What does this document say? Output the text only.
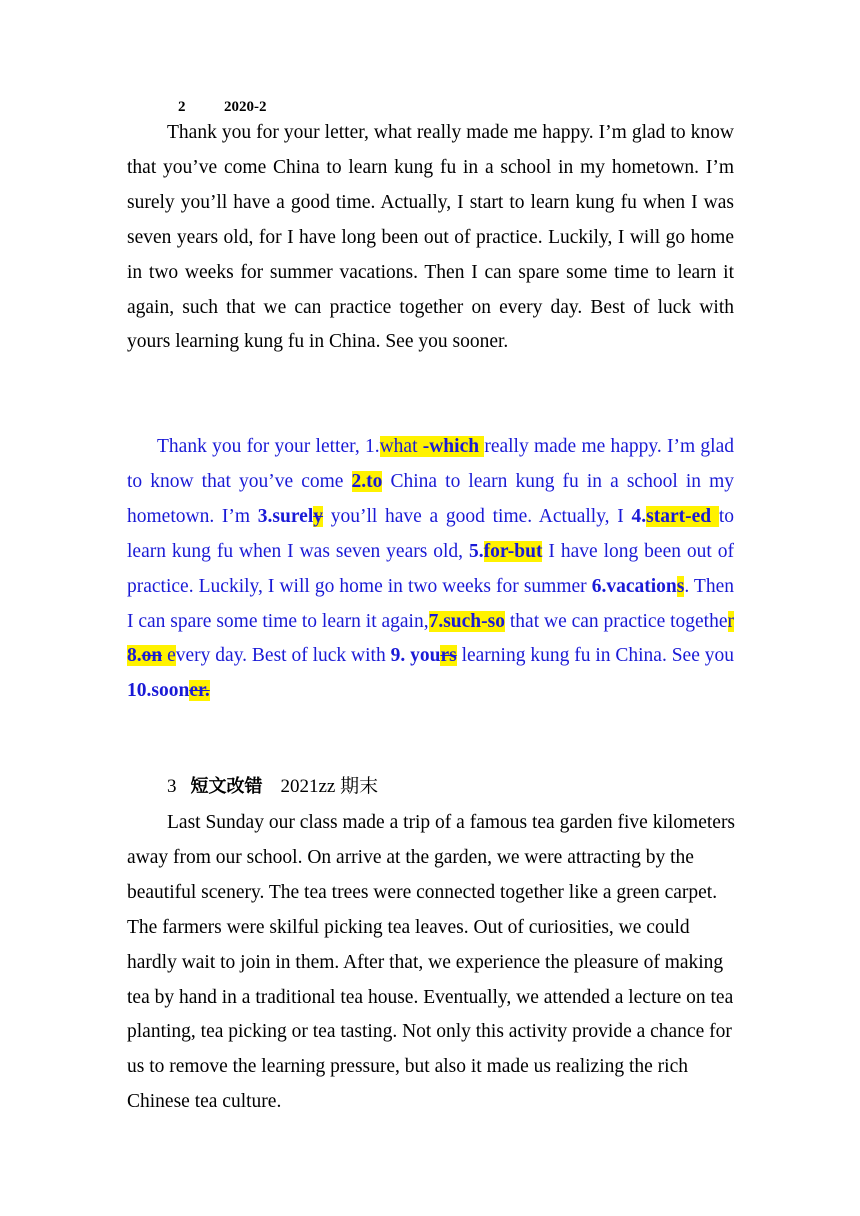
2	2020-2

Thank you for your letter, what really made me happy. I’m glad to know that you’ve come China to learn kung fu in a school in my hometown. I’m surely you’ll have a good time. Actually, I start to learn kung fu when I was seven years old, for I have long been out of practice. Luckily, I will go home in two weeks for summer vacations. Then I can spare some time to learn it again, such that we can practice together on every day. Best of luck with yours learning kung fu in China. See you sooner.

Thank you for your letter, 1.what -which really made me happy. I’m glad to know that you’ve come 2.to China to learn kung fu in a school in my hometown. I’m 3.surely you’ll have a good time. Actually, I 4.start-ed to learn kung fu when I was seven years old, 5.for-but I have long been out of practice. Luckily, I will go home in two weeks for summer 6.vacations. Then I can spare some time to learn it again,7.such-so that we can practice together 8.on every day. Best of luck with 9. yours learning kung fu in China. See you 10.sooner.

3 短文改错 2021zz 期末

Last Sunday our class made a trip of a famous tea garden five kilometers away from our school. On arrive at the garden, we were attracting by the beautiful scenery. The tea trees were connected together like a green carpet. The farmers were skilful picking tea leaves. Out of curiosities, we could hardly wait to join in them. After that, we experience the pleasure of making tea by hand in a traditional tea house. Eventually, we attended a lecture on tea planting, tea picking or tea tasting. Not only this activity provide a chance for us to remove the learning pressure, but also it made us realizing the rich Chinese tea culture.
